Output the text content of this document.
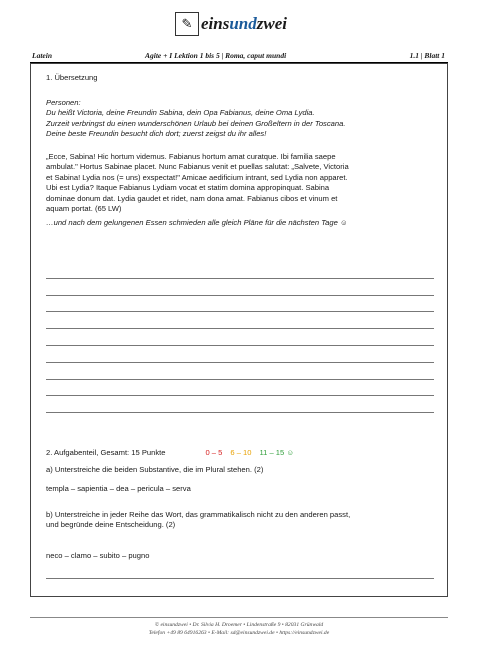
✎ einsundzwei
Latein	Agite + I Lektion 1 bis 5 | Roma, caput mundi	1.1 | Blatt 1
1. Übersetzung
Personen:
Du heißt Victoria, deine Freundin Sabina, dein Opa Fabianus, deine Oma Lydia.
Zurzeit verbringst du einen wunderschönen Urlaub bei deinen Großeltern in der Toscana.
Deine beste Freundin besucht dich dort; zuerst zeigst du ihr alles!
„Ecce, Sabina! Hic hortum videmus. Fabianus hortum amat curatque. Ibi familia saepe
ambulat." Hortus Sabinae placet. Nunc Fabianus venit et puellas salutat: „Salvete, Victoria
et Sabina! Lydia nos (= uns) exspectat!" Amicae aedificium intrant, sed Lydia non apparet.
Ubi est Lydia? Itaque Fabianus Lydiam vocat et statim domina appropinquat. Sabina
dominae donum dat. Lydia gaudet et ridet, nam dona amat. Fabianus cibos et vinum et
aquam portat. (65 LW)
…und nach dem gelungenen Essen schmieden alle gleich Pläne für die nächsten Tage ☺
2. Aufgabenteil, Gesamt: 15 Punkte	0 – 5 6 – 10 11 – 15 ☺
a) Unterstreiche die beiden Substantive, die im Plural stehen. (2)
templa – sapientia – dea – pericula – serva
b) Unterstreiche in jeder Reihe das Wort, das grammatikalisch nicht zu den anderen passt,
und begründe deine Entscheidung. (2)
neco – clamo – subito – pugno
© einsundzwei • Dr. Silvia H. Droemer • Lindenstraße 9 • 82031 Grünwald
Telefon +49 89 64916263 • E-Mail: sd@einsundzwei.de • https://einsundzwei.de
